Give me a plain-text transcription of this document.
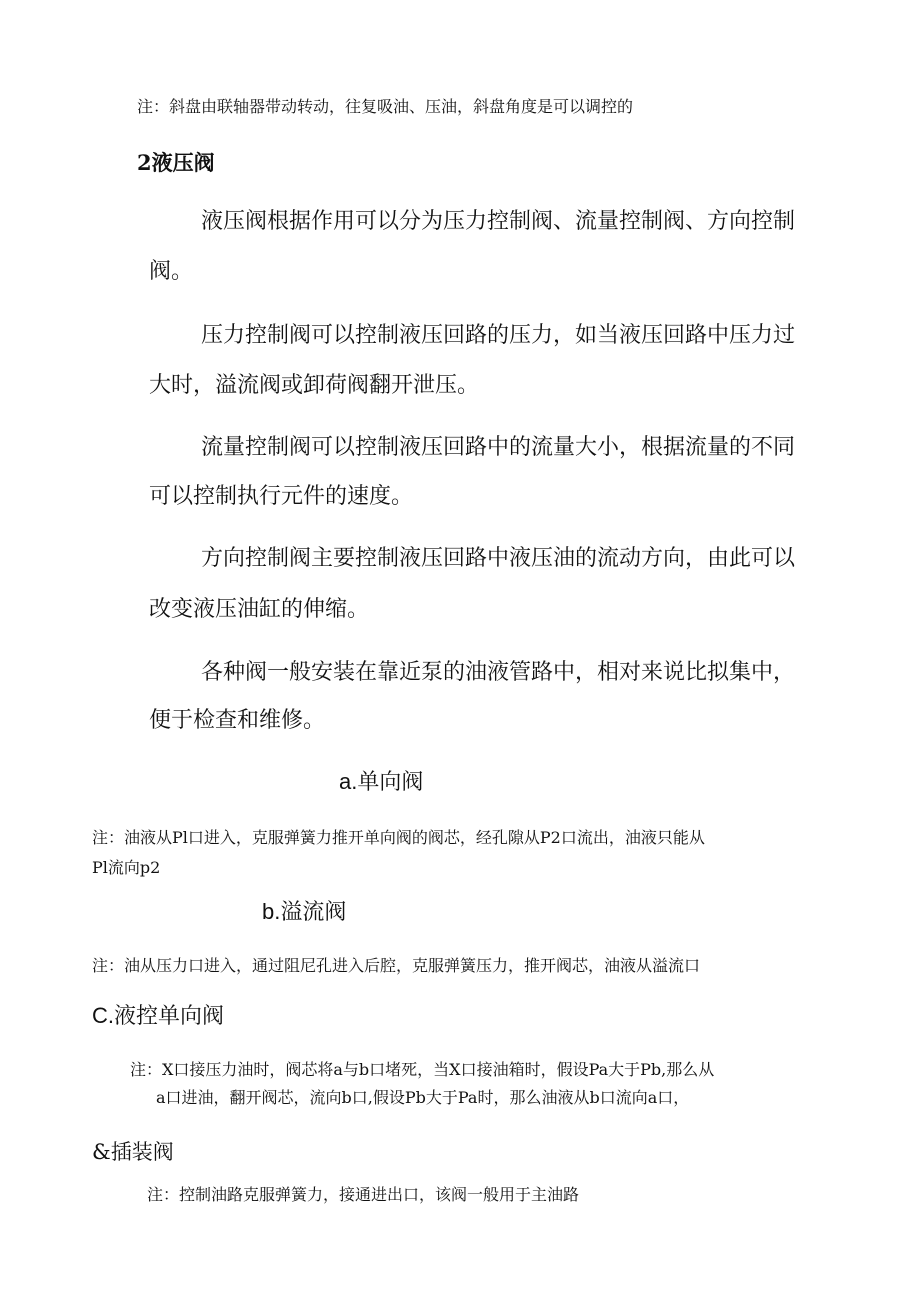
注：斜盘由联轴器带动转动，往复吸油、压油，斜盘角度是可以调控的
2液压阀
液压阀根据作用可以分为压力控制阀、流量控制阀、方向控制
阀。
压力控制阀可以控制液压回路的压力，如当液压回路中压力过
大时，溢流阀或卸荷阀翻开泄压。
流量控制阀可以控制液压回路中的流量大小，根据流量的不同
可以控制执行元件的速度。
方向控制阀主要控制液压回路中液压油的流动方向，由此可以
改变液压油缸的伸缩。
各种阀一般安装在靠近泵的油液管路中，相对来说比拟集中，
便于检查和维修。
a.单向阀
注：油液从Pl口进入，克服弹簧力推开单向阀的阀芯，经孔隙从P2口流出，油液只能从
Pl流向p2
b.溢流阀
注：油从压力口进入，通过阻尼孔进入后腔，克服弹簧压力，推开阀芯，油液从溢流口
C.液控单向阀
注：X口接压力油时，阀芯将a与b口堵死，当X口接油箱时，假设Pa大于Pb,那么从
a口进油，翻开阀芯，流向b口,假设Pb大于Pa时，那么油液从b口流向a口，
&插装阀
注：控制油路克服弹簧力，接通进出口，该阀一般用于主油路
